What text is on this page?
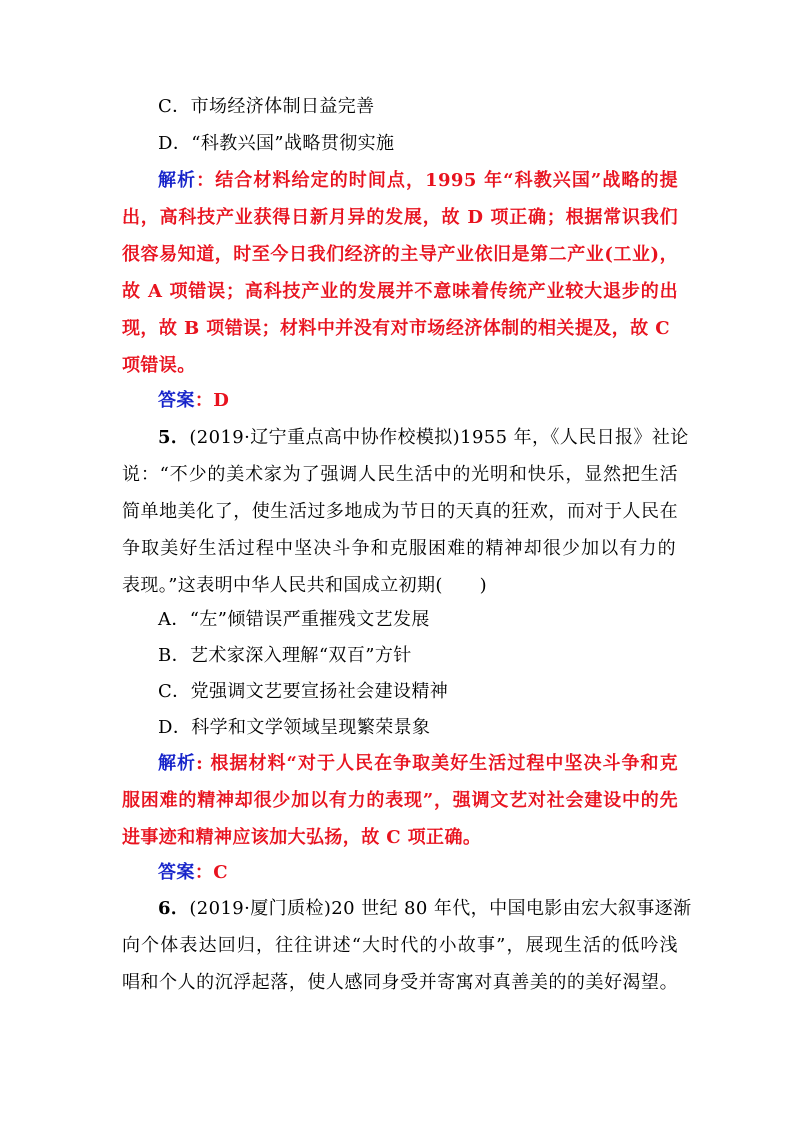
C．市场经济体制日益完善
D．“科教兴国”战略贯彻实施
解析：结合材料给定的时间点，1995 年“科教兴国”战略的提
出，高科技产业获得日新月异的发展，故 D 项正确；根据常识我们
很容易知道，时至今日我们经济的主导产业依旧是第二产业(工业)，
故 A 项错误；高科技产业的发展并不意味着传统产业较大退步的出
现，故 B 项错误；材料中并没有对市场经济体制的相关提及，故 C
项错误。
答案：D
5．(2019·辽宁重点高中协作校模拟)1955 年，《人民日报》社论
说：“不少的美术家为了强调人民生活中的光明和快乐，显然把生活
简单地美化了，使生活过多地成为节日的天真的狂欢，而对于人民在
争取美好生活过程中坚决斗争和克服困难的精神却很少加以有力的
表现。”这表明中华人民共和国成立初期(　　)
A．“左”倾错误严重摧残文艺发展
B．艺术家深入理解“双百”方针
C．党强调文艺要宣扬社会建设精神
D．科学和文学领域呈现繁荣景象
解析: 根据材料“对于人民在争取美好生活过程中坚决斗争和克
服困难的精神却很少加以有力的表现”，强调文艺对社会建设中的先
进事迹和精神应该加大弘扬，故 C 项正确。
答案：C
6．(2019·厦门质检)20 世纪 80 年代，中国电影由宏大叙事逐渐
向个体表达回归，往往讲述“大时代的小故事”，展现生活的低吟浅
唱和个人的沉浮起落，使人感同身受并寄寓对真善美的的美好渴望。
